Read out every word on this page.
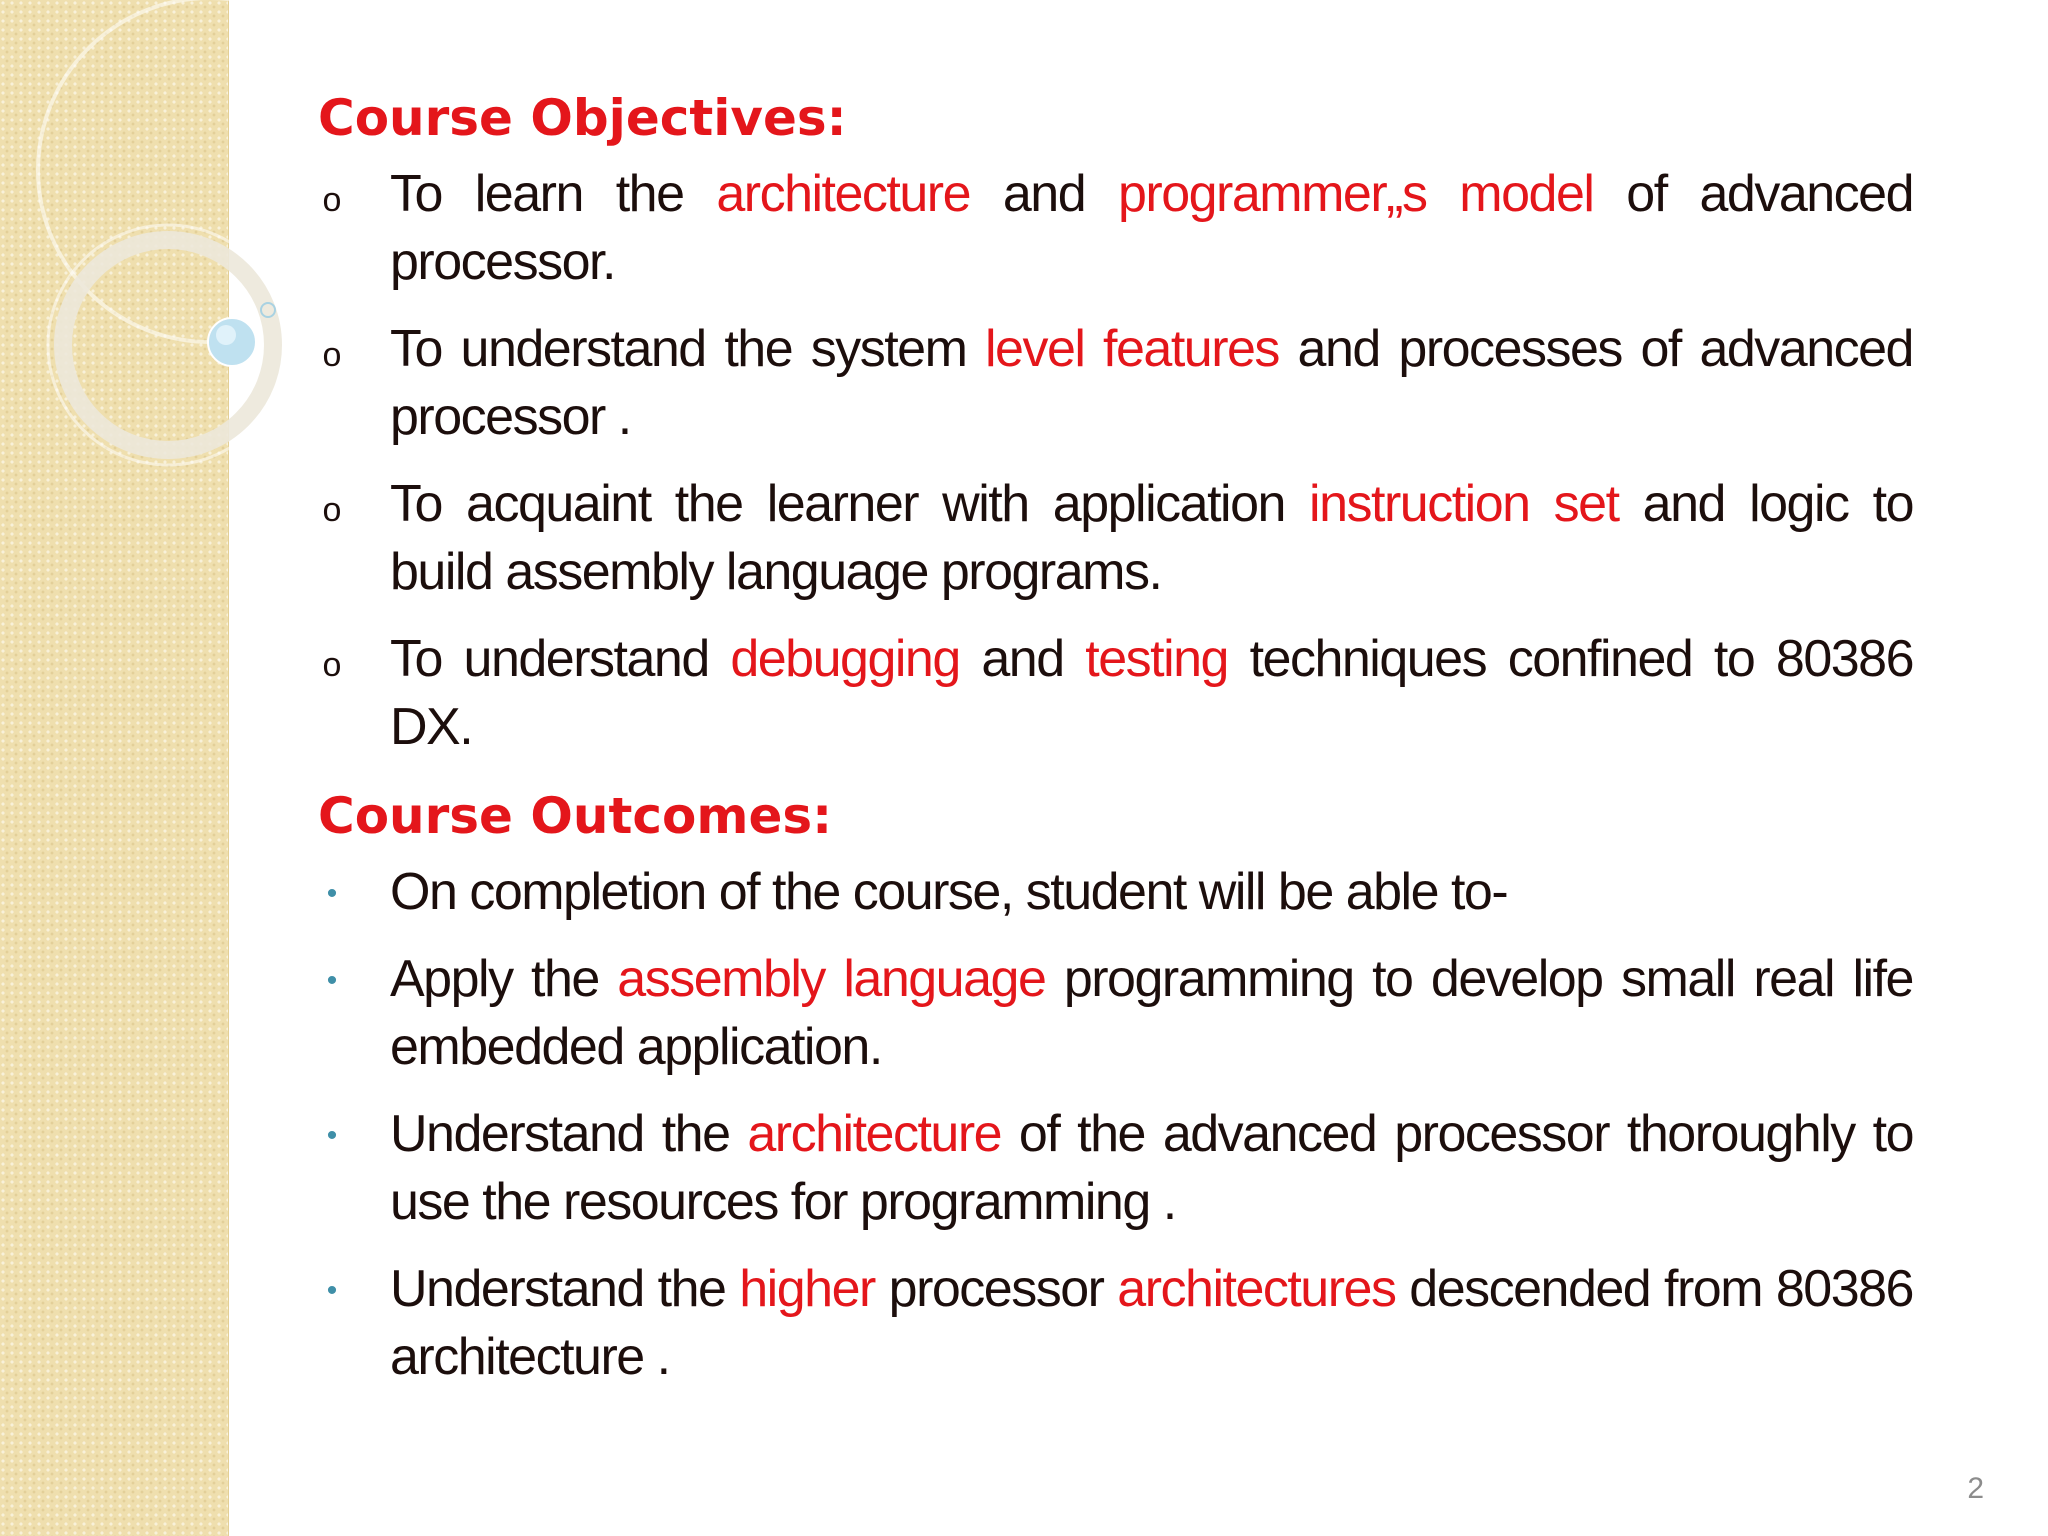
Course Objectives:
o To learn the architecture and programmer„s model of advanced processor.
o To understand the system level features and processes of advanced processor .
o To acquaint the learner with application instruction set and logic to build assembly language programs.
o To understand debugging and testing techniques confined to 80386 DX.
Course Outcomes:
• On completion of the course, student will be able to-
• Apply the assembly language programming to develop small real life embedded application.
• Understand the architecture of the advanced processor thoroughly to use the resources for programming .
• Understand the higher processor architectures descended from 80386 architecture .
2
